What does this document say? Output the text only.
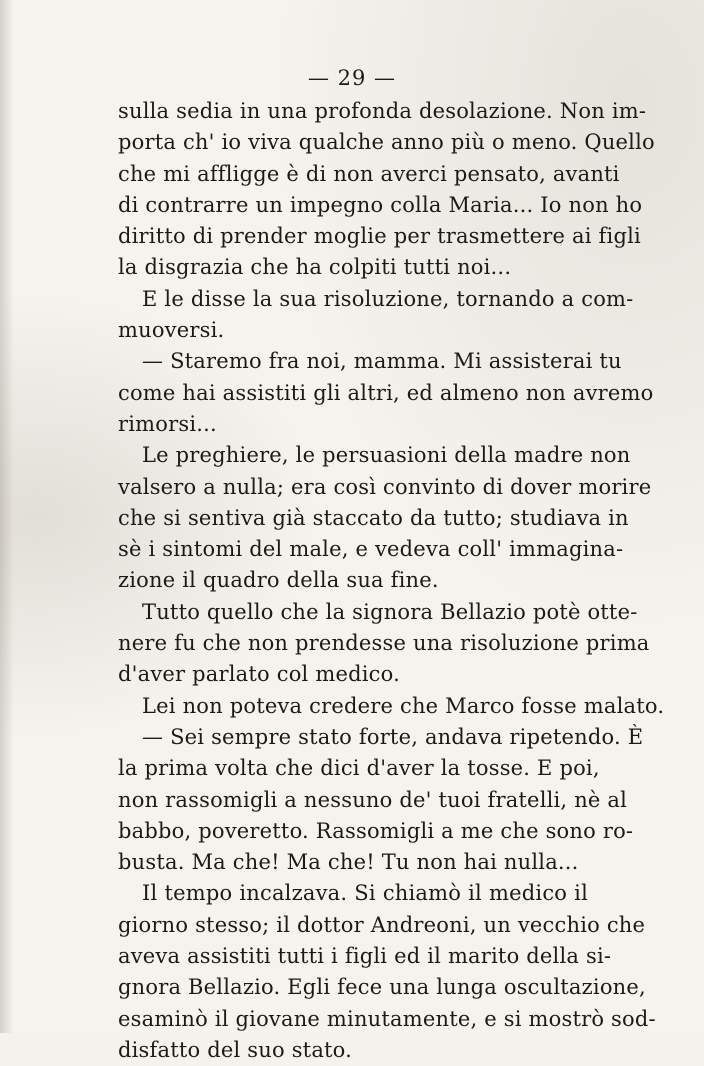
— 29 —
sulla sedia in una profonda desolazione. Non im-
porta ch' io viva qualche anno più o meno. Quello
che mi affligge è di non averci pensato, avanti
di contrarre un impegno colla Maria... Io non ho
diritto di prender moglie per trasmettere ai figli
la disgrazia che ha colpiti tutti noi...
E le disse la sua risoluzione, tornando a com-
muoversi.
— Staremo fra noi, mamma. Mi assisterai tu
come hai assistiti gli altri, ed almeno non avremo
rimorsi...
Le preghiere, le persuasioni della madre non
valsero a nulla; era così convinto di dover morire
che si sentiva già staccato da tutto; studiava in
sè i sintomi del male, e vedeva coll' immagina-
zione il quadro della sua fine.
Tutto quello che la signora Bellazio potè otte-
nere fu che non prendesse una risoluzione prima
d'aver parlato col medico.
Lei non poteva credere che Marco fosse malato.
— Sei sempre stato forte, andava ripetendo. È
la prima volta che dici d'aver la tosse. E poi,
non rassomigli a nessuno de' tuoi fratelli, nè al
babbo, poveretto. Rassomigli a me che sono ro-
busta. Ma che! Ma che! Tu non hai nulla...
Il tempo incalzava. Si chiamò il medico il
giorno stesso; il dottor Andreoni, un vecchio che
aveva assistiti tutti i figli ed il marito della si-
gnora Bellazio. Egli fece una lunga oscultazione,
esaminò il giovane minutamente, e si mostrò sod-
disfatto del suo stato.
